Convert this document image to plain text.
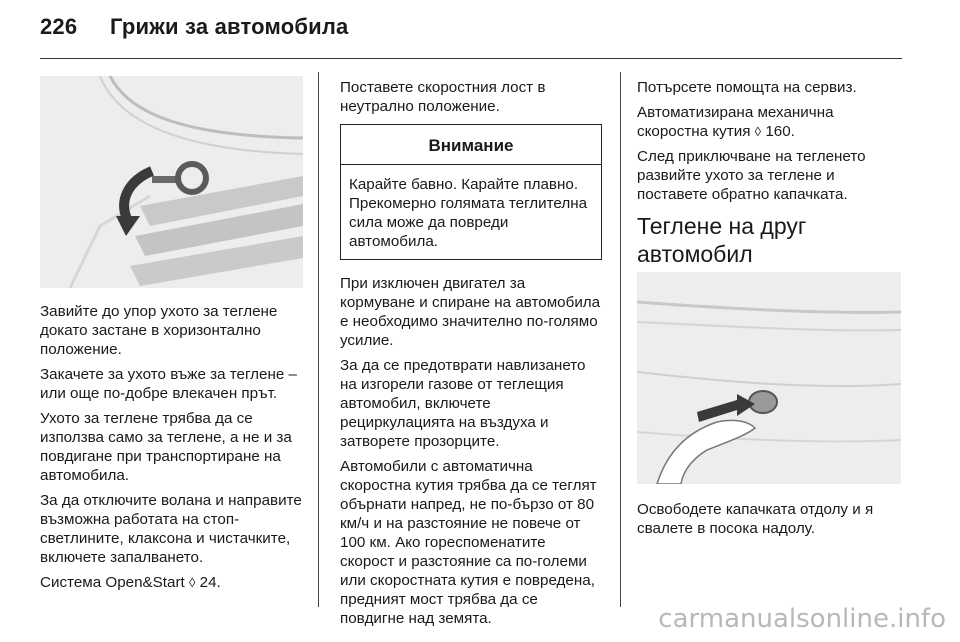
226 Грижи за автомобила

Завийте до упор ухото за теглене докато застане в хоризонтално положение.

Закачете за ухото въже за теглене – или още по-добре влекачен прът.

Ухото за теглене трябва да се използва само за теглене, а не и за повдигане при транспортиране на автомобила.

За да отключите волана и направите възможна работата на стоп-светлините, клаксона и чистачките, включете запалването.

Система Open&Start ◊ 24.

Поставете скоростния лост в неутрално положение.

Внимание
Карайте бавно. Карайте плавно. Прекомерно голямата теглителна сила може да повреди автомобила.

При изключен двигател за кормуване и спиране на автомобила е необходимо значително по-голямо усилие.

За да се предотврати навлизането на изгорели газове от теглещия автомобил, включете рециркулацията на въздуха и затворете прозорците.

Автомобили с автоматична скоростна кутия трябва да се теглят обърнати напред, не по-бързо от 80 км/ч и на разстояние не повече от 100 км. Ако гореспоменатите скорост и разстояние са по-големи или скоростната кутия е повредена, предният мост трябва да се повдигне над земята.

Потърсете помощта на сервиз.

Автоматизирана механична скоростна кутия ◊ 160.

След приключване на тегленето развийте ухото за теглене и поставете обратно капачката.

Теглене на друг автомобил

Освободете капачката отдолу и я свалете в посока надолу.

carmanualsonline.info
